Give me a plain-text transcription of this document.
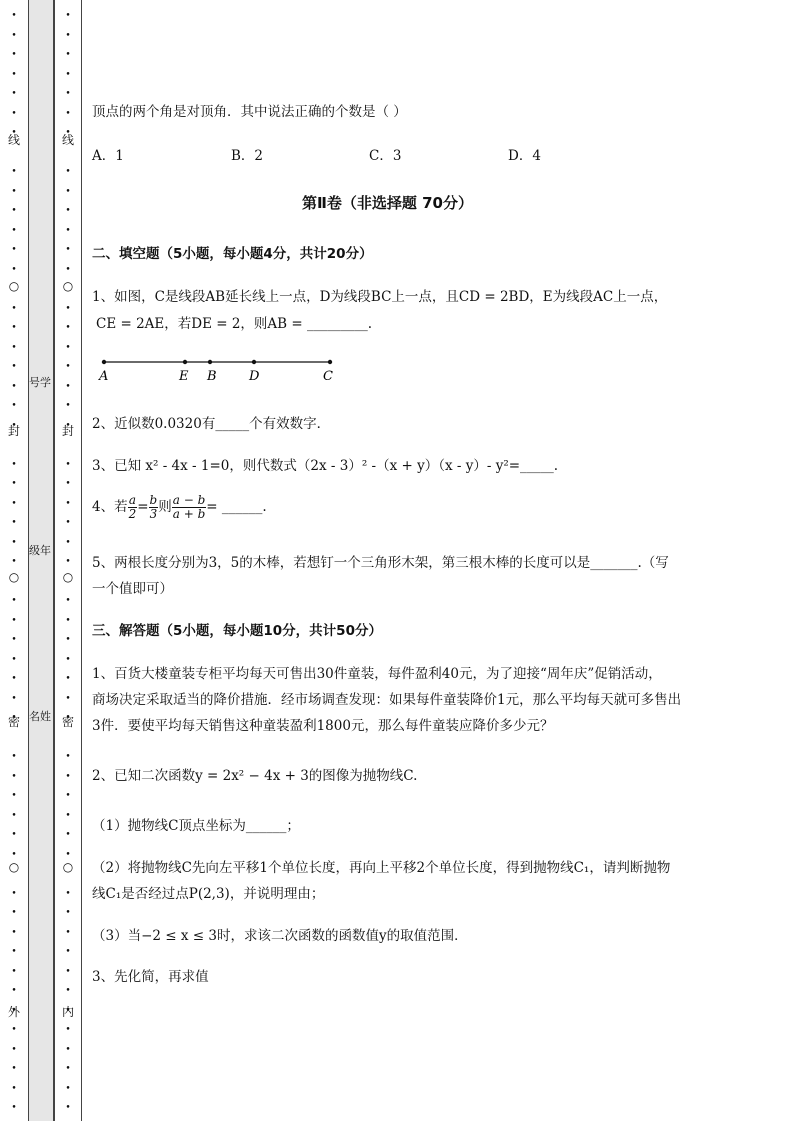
•
•
•
•
•
•
•
•
•
•
•
•
•
•
•
•
•
•
•
•
•
•
•
•
•
•
•
•
•
•
•
•
•
•
•
•
•
•
•
•
•
•
•
•
•
•
•
•
•
•
•
线
○
封
○
密
○
外
•
•
•
•
•
•
•
•
•
•
•
•
•
•
•
•
•
•
•
•
•
•
•
•
•
•
•
•
•
•
•
•
•
•
•
•
•
•
•
•
•
•
•
•
•
•
•
•
•
•
•
线
○
封
○
密
○
内
号学
级年
名姓
顶点的两个角是对顶角．其中说法正确的个数是（ ）
A．1	B．2	C．3	D．4
第Ⅱ卷（非选择题 70分）
二、填空题（5小题，每小题4分，共计20分）
1、如图，C是线段AB延长线上一点，D为线段BC上一点，且CD = 2BD，E为线段AC上一点，
CE = 2AE，若DE = 2，则AB = _________.
A	E B D	C
2、近似数0.0320有_____个有效数字．
3、已知 x² - 4x - 1=0，则代数式（2x - 3）² -（x + y）（x - y）- y²=_____.
4、若 $\frac{a}{2} = \frac{b}{3}$ 则 $\frac{a - b}{a + b}$ = ______.
5、两根长度分别为3，5的木棒，若想钉一个三角形木架，第三根木棒的长度可以是_______.（写
一个值即可）
三、解答题（5小题，每小题10分，共计50分）
1、百货大楼童装专柜平均每天可售出30件童装，每件盈利40元，为了迎接“周年庆”促销活动，
商场决定采取适当的降价措施．经市场调查发现：如果每件童装降价1元，那么平均每天就可多售出
3件．要使平均每天销售这种童装盈利1800元，那么每件童装应降价多少元？
2、已知二次函数y = 2x² − 4x + 3的图像为抛物线C.
（1）抛物线C顶点坐标为______；
（2）将抛物线C先向左平移1个单位长度，再向上平移2个单位长度，得到抛物线C₁，请判断抛物
线C₁是否经过点P(2,3)，并说明理由；
（3）当−2 ≤ x ≤ 3时，求该二次函数的函数值y的取值范围．
3、先化简，再求值
